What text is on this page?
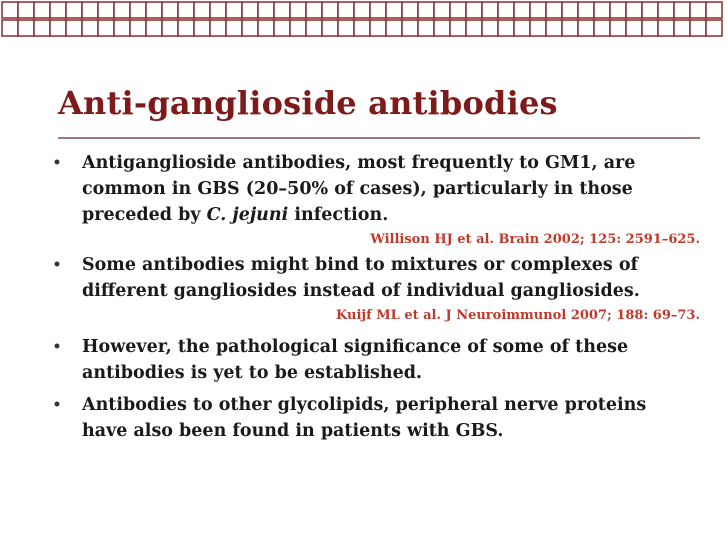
Anti-ganglioside antibodies
• Antiganglioside antibodies, most frequently to GM1, are
common in GBS (20–50% of cases), particularly in those
preceded by C. jejuni infection.
Willison HJ et al. Brain 2002; 125: 2591–625.
• Some antibodies might bind to mixtures or complexes of
different gangliosides instead of individual gangliosides.
Kuijf ML et al. J Neuroimmunol 2007; 188: 69–73.
• However, the pathological significance of some of these
antibodies is yet to be established.
• Antibodies to other glycolipids, peripheral nerve proteins
have also been found in patients with GBS.
